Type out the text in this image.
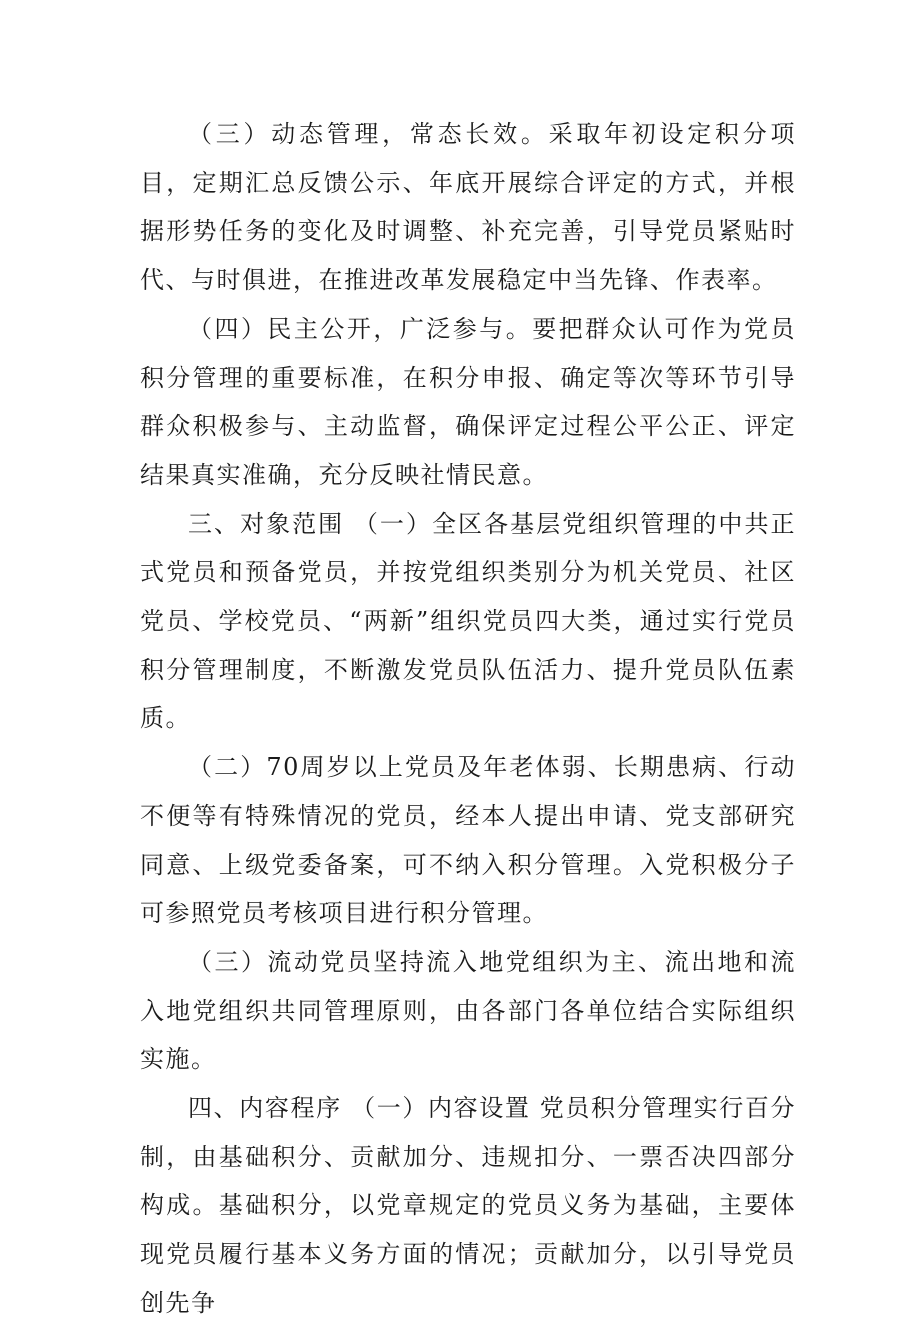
（三）动态管理，常态长效。采取年初设定积分项目，定期汇总反馈公示、年底开展综合评定的方式，并根据形势任务的变化及时调整、补充完善，引导党员紧贴时代、与时俱进，在推进改革发展稳定中当先锋、作表率。

（四）民主公开，广泛参与。要把群众认可作为党员积分管理的重要标准，在积分申报、确定等次等环节引导群众积极参与、主动监督，确保评定过程公平公正、评定结果真实准确，充分反映社情民意。

三、对象范围 （一）全区各基层党组织管理的中共正式党员和预备党员，并按党组织类别分为机关党员、社区党员、学校党员、“两新”组织党员四大类，通过实行党员积分管理制度，不断激发党员队伍活力、提升党员队伍素质。

（二）70周岁以上党员及年老体弱、长期患病、行动不便等有特殊情况的党员，经本人提出申请、党支部研究同意、上级党委备案，可不纳入积分管理。入党积极分子可参照党员考核项目进行积分管理。

（三）流动党员坚持流入地党组织为主、流出地和流入地党组织共同管理原则，由各部门各单位结合实际组织实施。

四、内容程序 （一）内容设置 党员积分管理实行百分制，由基础积分、贡献加分、违规扣分、一票否决四部分构成。基础积分，以党章规定的党员义务为基础，主要体现党员履行基本义务方面的情况；贡献加分，以引导党员创先争
